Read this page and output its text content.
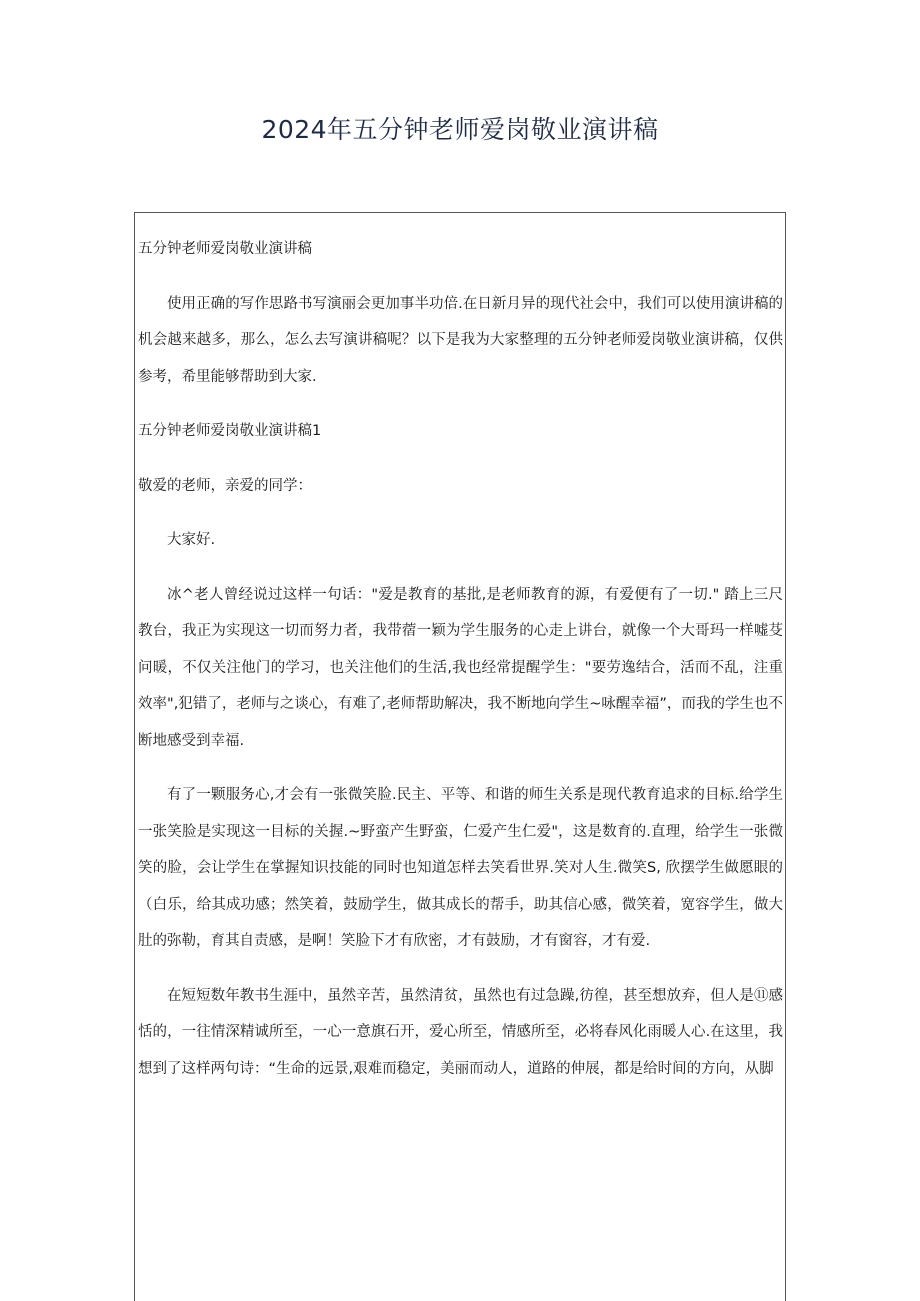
2024年五分钟老师爱岗敬业演讲稿

五分钟老师爱岗敬业演讲稿

使用正确的写作思路书写演丽会更加事半功倍.在日新月异的现代社会中，我们可以使用演讲稿的机会越来越多，那么，怎么去写演讲稿呢？以下是我为大家整理的五分钟老师爱岗敬业演讲稿，仅供参考，希里能够帮助到大家.

五分钟老师爱岗敬业演讲稿1

敬爱的老师，亲爱的同学：

大家好.

冰^老人曾经说过这样一句话："爱是教育的基批,是老师教育的源，有爱便有了一切." 踏上三尺教台，我正为实现这一切而努力者，我带蓿一颖为学生服务的心走上讲台，就像一个大哥玛一样嘘芟问暖，不仅关注他门的学习，也关注他们的生活,我也经常提醒学生："要劳逸结合，活而不乱，注重效率",犯错了，老师与之谈心，有难了,老师帮助解决，我不断地向学生~咏醒幸福”，而我的学生也不断地感受到幸福.

有了一颗服务心,才会有一张微笑脸.民主、平等、和谐的师生关系是现代教育追求的目标.给学生一张笑脸是实现这一目标的关握.~野蛮产生野蛮，仁爱产生仁爱"，这是数育的.直理，给学生一张微笑的脸，会让学生在掌握知识技能的同时也知道怎样去笑看世界.笑对人生.微笑S, 欣摆学生做愿眼的（白乐，给其成功感；然笑着，鼓励学生，做其成长的帮手，助其信心感，微笑着，宽容学生，做大肚的弥勒，育其自责感，是啊！笑脸下才有欣密，才有鼓励，才有窗容，才有爱.

在短短数年教书生涯中，虽然辛苦，虽然清贫，虽然也有过急躁,彷徨，甚至想放弃，但人是⑪感恬的，一往情深精诚所至，一心一意旗石开，爱心所至，情感所至，必将春风化雨暖人心.在这里，我想到了这样两句诗：“生命的远景,艰难而稳定，美丽而动人，道路的伸展，都是给时间的方向，从脚
